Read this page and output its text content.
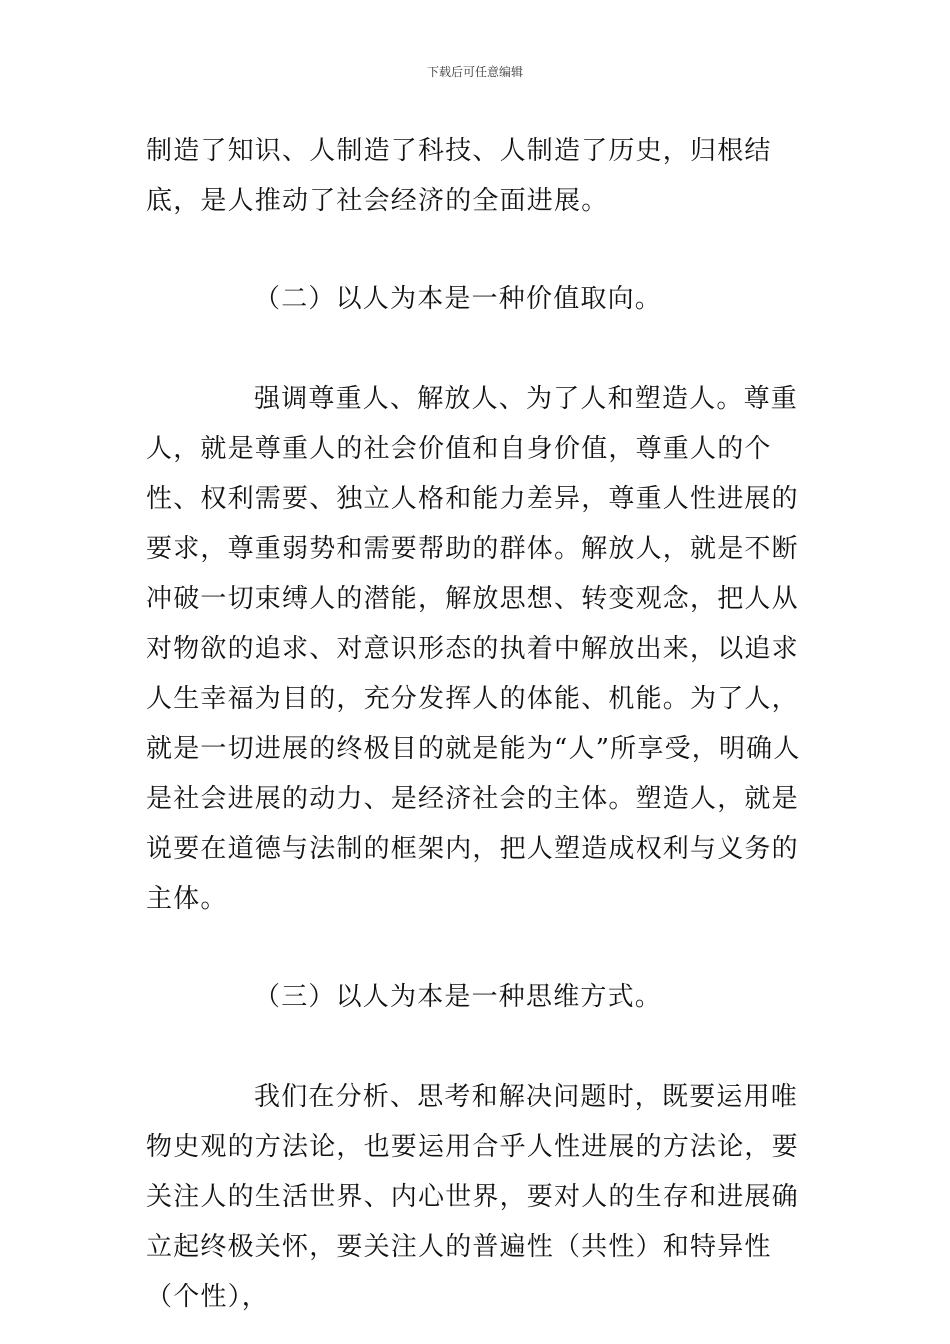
下载后可任意编辑

制造了知识、人制造了科技、人制造了历史，归根结底，是人推动了社会经济的全面进展。

（二）以人为本是一种价值取向。

强调尊重人、解放人、为了人和塑造人。尊重人，就是尊重人的社会价值和自身价值，尊重人的个性、权利需要、独立人格和能力差异，尊重人性进展的要求，尊重弱势和需要帮助的群体。解放人，就是不断冲破一切束缚人的潜能，解放思想、转变观念，把人从对物欲的追求、对意识形态的执着中解放出来，以追求人生幸福为目的，充分发挥人的体能、机能。为了人，就是一切进展的终极目的就是能为“人”所享受，明确人是社会进展的动力、是经济社会的主体。塑造人，就是说要在道德与法制的框架内，把人塑造成权利与义务的主体。

（三）以人为本是一种思维方式。

我们在分析、思考和解决问题时，既要运用唯物史观的方法论，也要运用合乎人性进展的方法论，要关注人的生活世界、内心世界，要对人的生存和进展确立起终极关怀，要关注人的普遍性（共性）和特异性（个性），
